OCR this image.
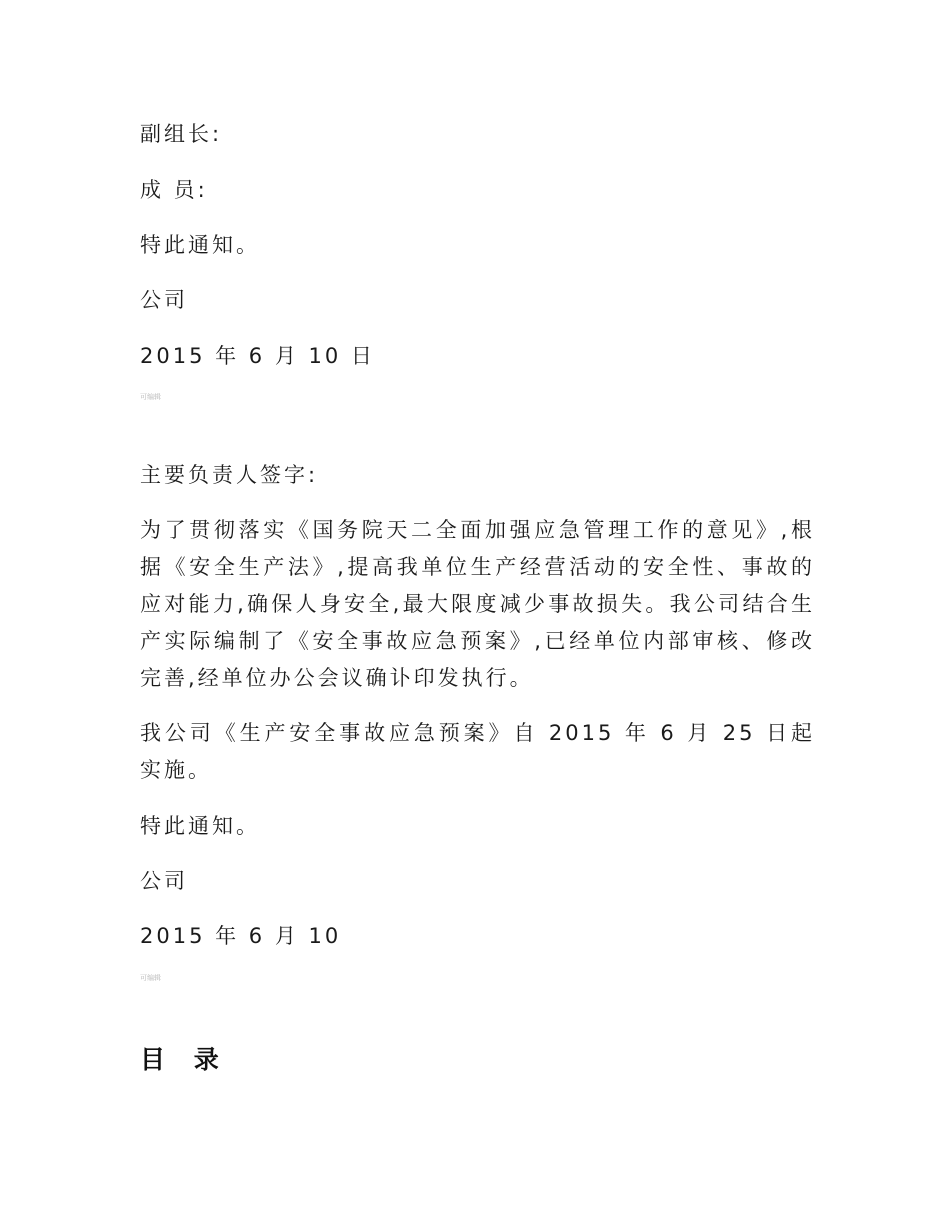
副组长:
成 员:
特此通知。
公司
2015 年 6 月 10 日
可编辑
主要负责人签字:
为了贯彻落实《国务院天二全面加强应急管理工作的意见》,根据《安全生产法》,提高我单位生产经营活动的安全性、事故的应对能力,确保人身安全,最大限度减少事故损失。我公司结合生产实际编制了《安全事故应急预案》,已经单位内部审核、修改完善,经单位办公会议确讣印发执行。
我公司《生产安全事故应急预案》自 2015 年 6 月 25 日起实施。
特此通知。
公司
2015 年 6 月 10
可编辑
目 录
